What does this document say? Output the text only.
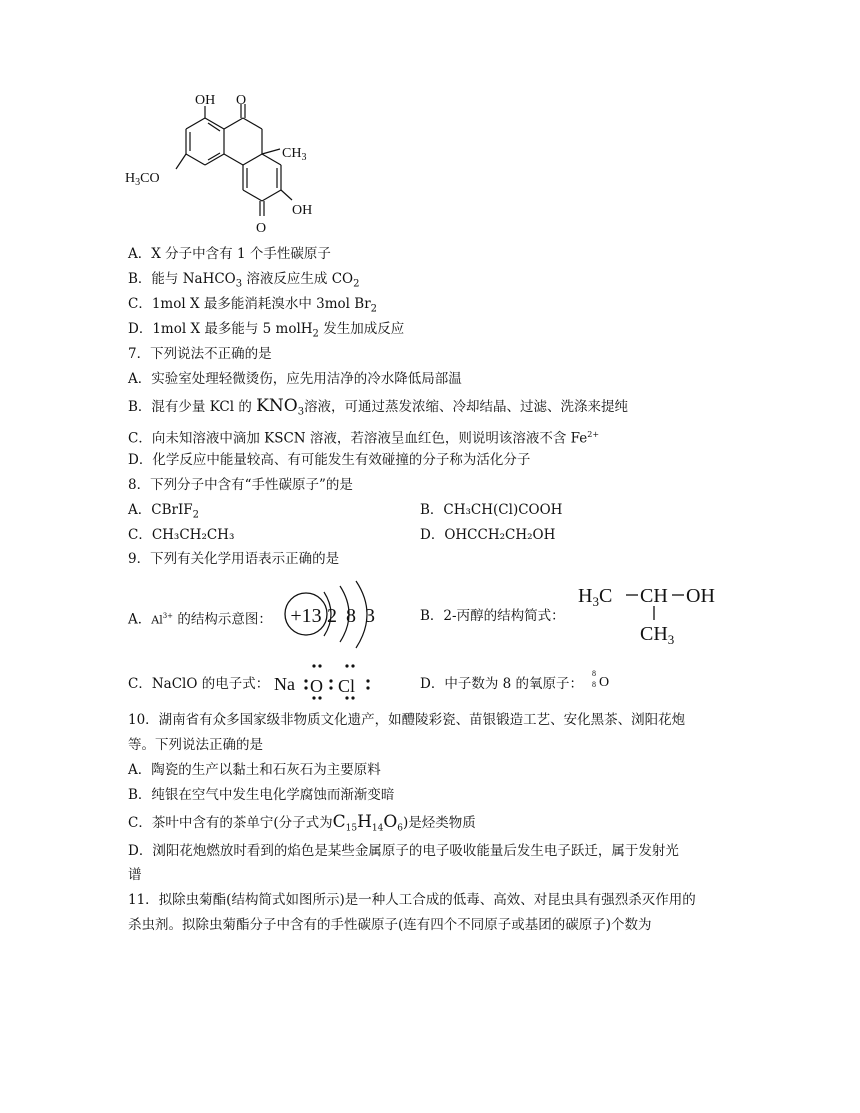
OH O
$CH_3$
$H_3CO$
OH
O
A．X 分子中含有 1 个手性碳原子
B．能与 NaHCO$_3$ 溶液反应生成 $CO_2$
C．1mol X 最多能消耗溴水中 3mol $Br_2$
D．1mol X 最多能与 5 molH$_2$ 发生加成反应
7．下列说法不正确的是
A．实验室处理轻微烫伤，应先用洁净的冷水降低局部温
B．混有少量 KCl 的 $KNO_3$溶液，可通过蒸发浓缩、冷却结晶、过滤、洗涤来提纯
C．向未知溶液中滴加 KSCN 溶液，若溶液呈血红色，则说明该溶液不含 $Fe^{2+}$
D．化学反应中能量较高、有可能发生有效碰撞的分子称为活化分子
8．下列分子中含有“手性碳原子”的是
A．CBrIF$_2$	B．CH₃CH(Cl)COOH
C．CH₃CH₂CH₃	D．OHCCH₂CH₂OH
9．下列有关化学用语表示正确的是
A．$Al^{3+}$ 的结构示意图： +13 2 8 3	B．2-丙醇的结构简式：
$H_3C$ CH OH
$CH_3$
C．NaClO 的电子式： Na O Cl	D．中子数为 8 的氧原子：
8
8 O
10．湖南省有众多国家级非物质文化遗产，如醴陵彩瓷、苗银锻造工艺、安化黑茶、浏阳花炮
等。下列说法正确的是
A．陶瓷的生产以黏土和石灰石为主要原料
B．纯银在空气中发生电化学腐蚀而渐渐变暗
C．茶叶中含有的茶单宁(分子式为$C_{15}H_{14}O_6$)是烃类物质
D．浏阳花炮燃放时看到的焰色是某些金属原子的电子吸收能量后发生电子跃迁，属于发射光
谱
11．拟除虫菊酯(结构简式如图所示)是一种人工合成的低毒、高效、对昆虫具有强烈杀灭作用的
杀虫剂。拟除虫菊酯分子中含有的手性碳原子(连有四个不同原子或基团的碳原子)个数为
